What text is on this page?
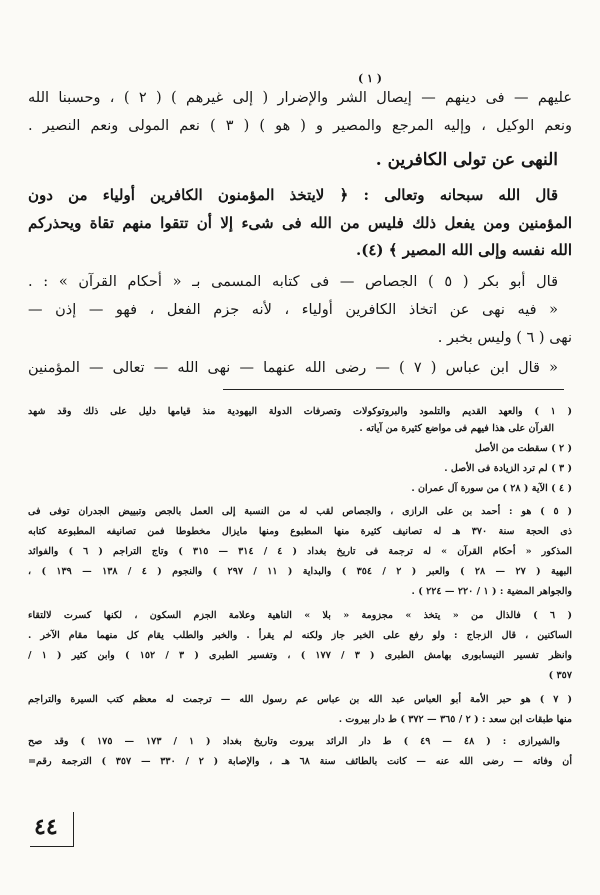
( ١ )
عليهم — فى دينهم — إيصال الشر والإضرار ( إلى غيرهم ) ( ٢ ) ، وحسبنا الله
ونعم الوكيل ، وإليه المرجع والمصير و ( هو ) ( ٣ ) نعم المولى ونعم النصير .
النهى عن تولى الكافرين .
قال الله سبحانه وتعالى : ﴿ لايتخذ المؤمنون الكافرين أولياء من دون
المؤمنين ومن يفعل ذلك فليس من الله فى شىء إلا أن تتقوا منهم تقاة ويحذركم
الله نفسه وإلى الله المصير ﴾ (٤).
قال أبو بكر ( ٥ ) الجصاص — فى كتابه المسمى بـ « أحكام القرآن » : .
« فيه نهى عن اتخاذ الكافرين أولياء ، لأنه جزم الفعل ، فهو — إذن —
نهى ( ٦ ) وليس بخبر .
« قال ابن عباس ( ٧ ) — رضى الله عنهما — نهى الله — تعالى — المؤمنين
( ١ ) والعهد القديم والتلمود والبروتوكولات وتصرفات الدولة اليهودية منذ قيامها دليل على ذلك وقد شهد
القرآن على هذا فيهم فى مواضع كثيرة من آياته .
( ٢ ) سقطت من الأصل
( ٣ ) لم ترد الزيادة فى الأصل .
( ٤ ) الآية ( ٢٨ ) من سورة آل عمران .
( ٥ ) هو : أحمد بن على الرازى ، والجصاص لقب له من النسبة إلى العمل بالجص وتبييض الجدران توفى فى
ذى الحجة سنة ٣٧٠ هـ له تصانيف كثيرة منها المطبوع ومنها مايزال مخطوطا فمن تصانيفه المطبوعة كتابه
المذكور « أحكام القرآن » له ترجمة فى تاريخ بغداد ( ٤ / ٣١٤ — ٣١٥ ) وتاج التراجم ( ٦ ) والفوائد
البهية ( ٢٧ — ٢٨ ) والعبر ( ٢ / ٣٥٤ ) والبداية ( ١١ / ٢٩٧ ) والنجوم ( ٤ / ١٣٨ — ١٣٩ ) ،
والجواهر المضية : ( ١ / ٢٢٠ — ٢٢٤ ) .
( ٦ ) فالذال من « يتخذ » مجزومة « بلا » الناهية وعلامة الجزم السكون ، لكنها كسرت لالتقاء
الساكنين ، قال الزجاج : ولو رفع على الخبر جاز ولكنه لم يقرأ . والخبر والطلب يقام كل منهما مقام الآخر .
وانظر تفسير النيسابورى بهامش الطبرى ( ٣ / ١٧٧ ) ، وتفسير الطبرى ( ٣ / ١٥٢ ) وابن كثير ( ١ /
٣٥٧ )
( ٧ ) هو حبر الأمة أبو العباس عبد الله بن عباس عم رسول الله — ترجمت له معظم كتب السيرة والتراجم
منها طبقات ابن سعد : ( ٢ / ٣٦٥ — ٣٧٢ ) ط دار بيروت .
والشيرازى : ( ٤٨ — ٤٩ ) ط دار الرائد بيروت وتاريخ بغداد ( ١ / ١٧٣ — ١٧٥ ) وقد صح
أن وفاته — رضى الله عنه — كانت بالطائف سنة ٦٨ هـ ، والإصابة ( ٢ / ٣٣٠ — ٣٥٧ ) الترجمة رقم=
٤٤
